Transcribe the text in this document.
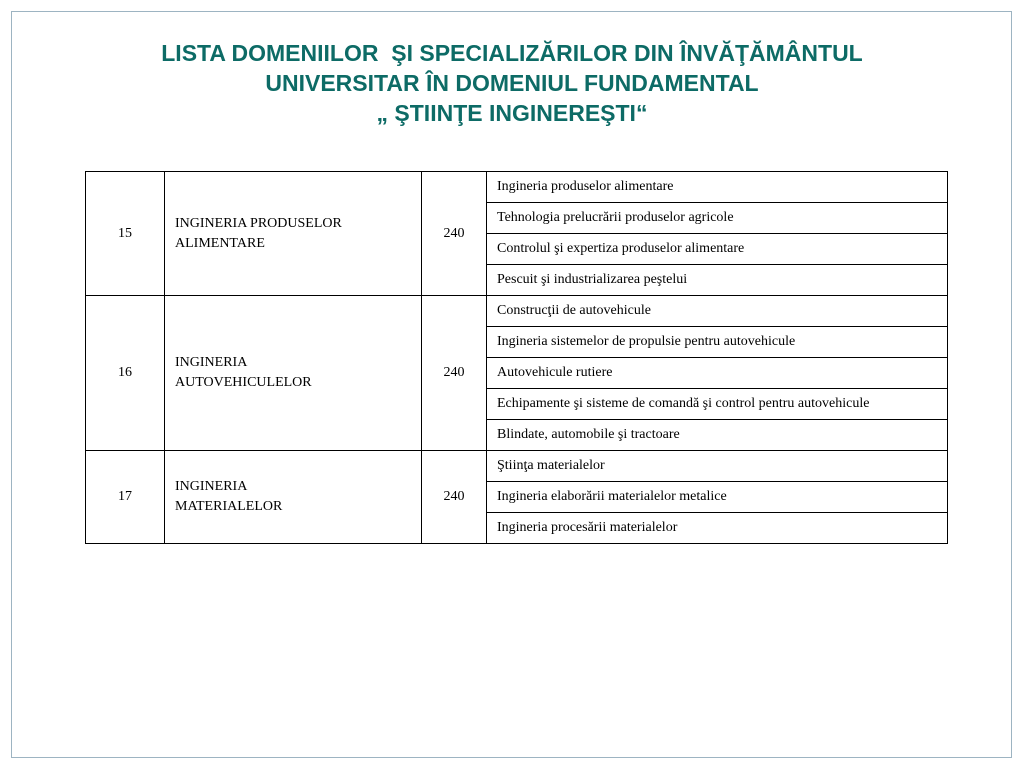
LISTA DOMENIILOR  ŞI SPECIALIZĂRILOR DIN ÎNVĂŢĂMÂNTUL
UNIVERSITAR ÎN DOMENIUL FUNDAMENTAL
„ ŞTIINŢE INGINEREŞTI“
15	INGINERIA PRODUSELOR
ALIMENTARE	240	Ingineria produselor alimentare
			Tehnologia prelucrării produselor agricole
			Controlul şi expertiza produselor alimentare
			Pescuit şi industrializarea peştelui
16	INGINERIA
AUTOVEHICULELOR	240	Construcţii de autovehicule
			Ingineria sistemelor de propulsie pentru autovehicule
			Autovehicule rutiere
			Echipamente şi sisteme de comandă şi control pentru autovehicule
			Blindate, automobile şi tractoare
17	INGINERIA
MATERIALELOR	240	Ştiinţa materialelor
			Ingineria elaborării materialelor metalice
			Ingineria procesării materialelor
